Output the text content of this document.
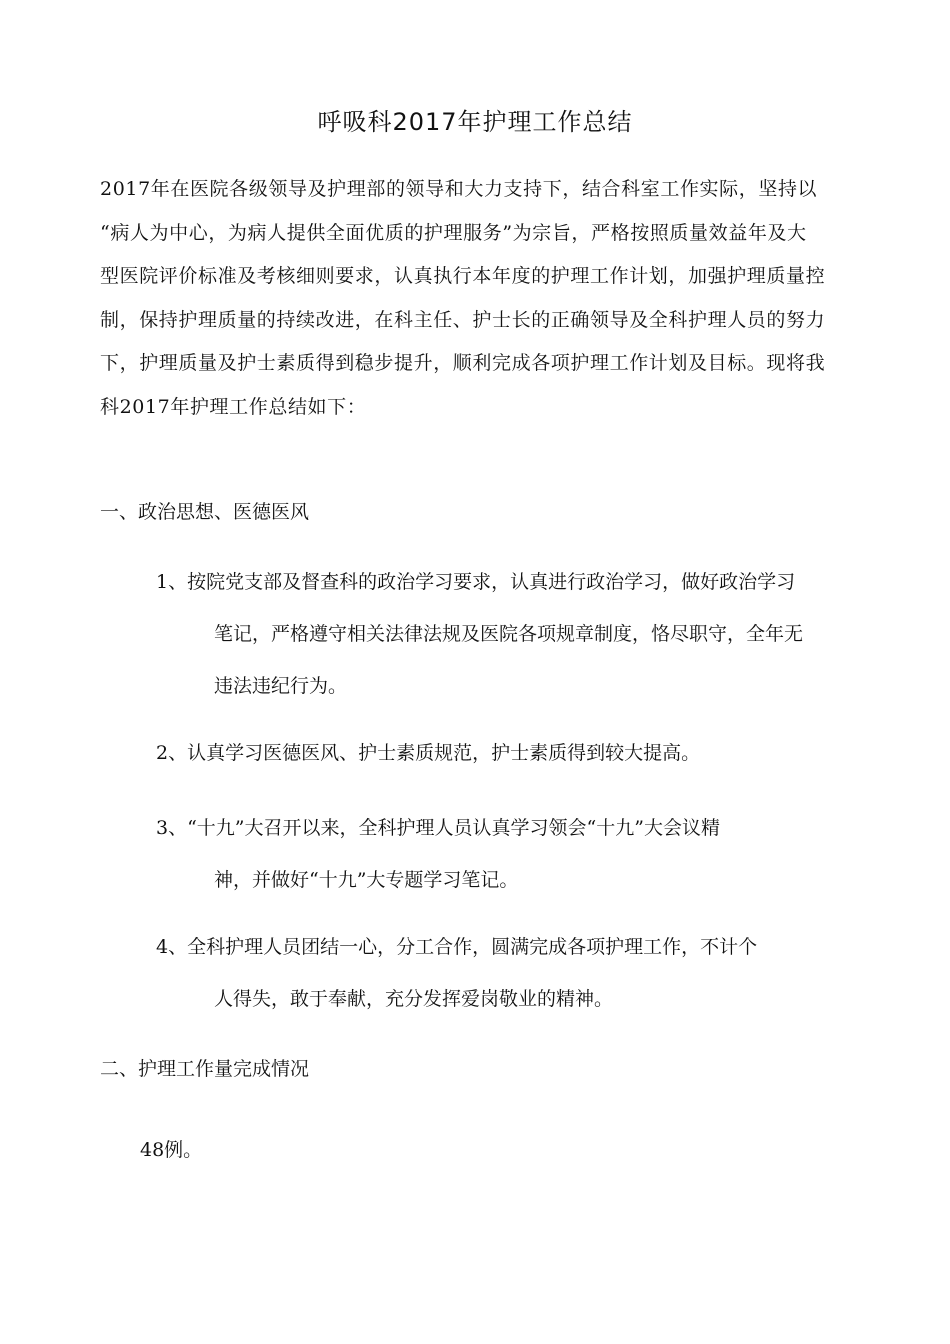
呼吸科2017年护理工作总结
2017年在医院各级领导及护理部的领导和大力支持下，结合科室工作实际，坚持以
“病人为中心，为病人提供全面优质的护理服务”为宗旨，严格按照质量效益年及大
型医院评价标准及考核细则要求，认真执行本年度的护理工作计划，加强护理质量控
制，保持护理质量的持续改进，在科主任、护士长的正确领导及全科护理人员的努力
下，护理质量及护士素质得到稳步提升，顺利完成各项护理工作计划及目标。现将我
科2017年护理工作总结如下：
一、政治思想、医德医风
1、按院党支部及督查科的政治学习要求，认真进行政治学习，做好政治学习
笔记，严格遵守相关法律法规及医院各项规章制度，恪尽职守，全年无
违法违纪行为。
2、认真学习医德医风、护士素质规范，护士素质得到较大提高。
3、“十九”大召开以来，全科护理人员认真学习领会“十九”大会议精
神，并做好“十九”大专题学习笔记。
4、全科护理人员团结一心，分工合作，圆满完成各项护理工作，不计个
人得失，敢于奉献，充分发挥爱岗敬业的精神。
二、护理工作量完成情况
48例。
